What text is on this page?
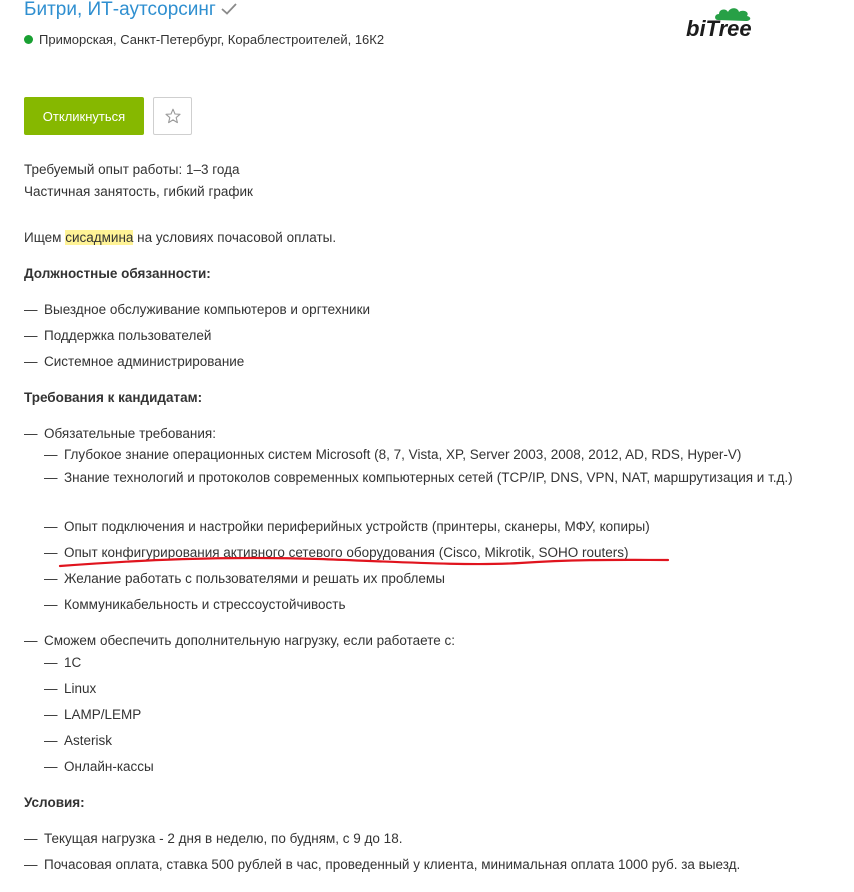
Битри, ИТ-аутсорсинг
Приморская, Санкт-Петербург, Кораблестроителей, 16К2	biTree
Откликнуться
Требуемый опыт работы: 1–3 года
Частичная занятость, гибкий график
Ищем сисадмина на условиях почасовой оплаты.
Должностные обязанности:
— Выездное обслуживание компьютеров и оргтехники
— Поддержка пользователей
— Системное администрирование
Требования к кандидатам:
— Обязательные требования:
— Глубокое знание операционных систем Microsoft (8, 7, Vista, XP, Server 2003, 2008, 2012, AD, RDS, Hyper-V)
— Знание технологий и протоколов современных компьютерных сетей (TCP/IP, DNS, VPN, NAT, маршрутизация и т.д.)
— Опыт подключения и настройки периферийных устройств (принтеры, сканеры, МФУ, копиры)
— Опыт конфигурирования активного сетевого оборудования (Cisco, Mikrotik, SOHO routers)
— Желание работать с пользователями и решать их проблемы
— Коммуникабельность и стрессоустойчивость
— Сможем обеспечить дополнительную нагрузку, если работаете с:
— 1С
— Linux
— LAMP/LEMP
— Asterisk
— Онлайн-кассы
Условия:
— Текущая нагрузка - 2 дня в неделю, по будням, с 9 до 18.
— Почасовая оплата, ставка 500 рублей в час, проведенный у клиента, минимальная оплата 1000 руб. за выезд.
